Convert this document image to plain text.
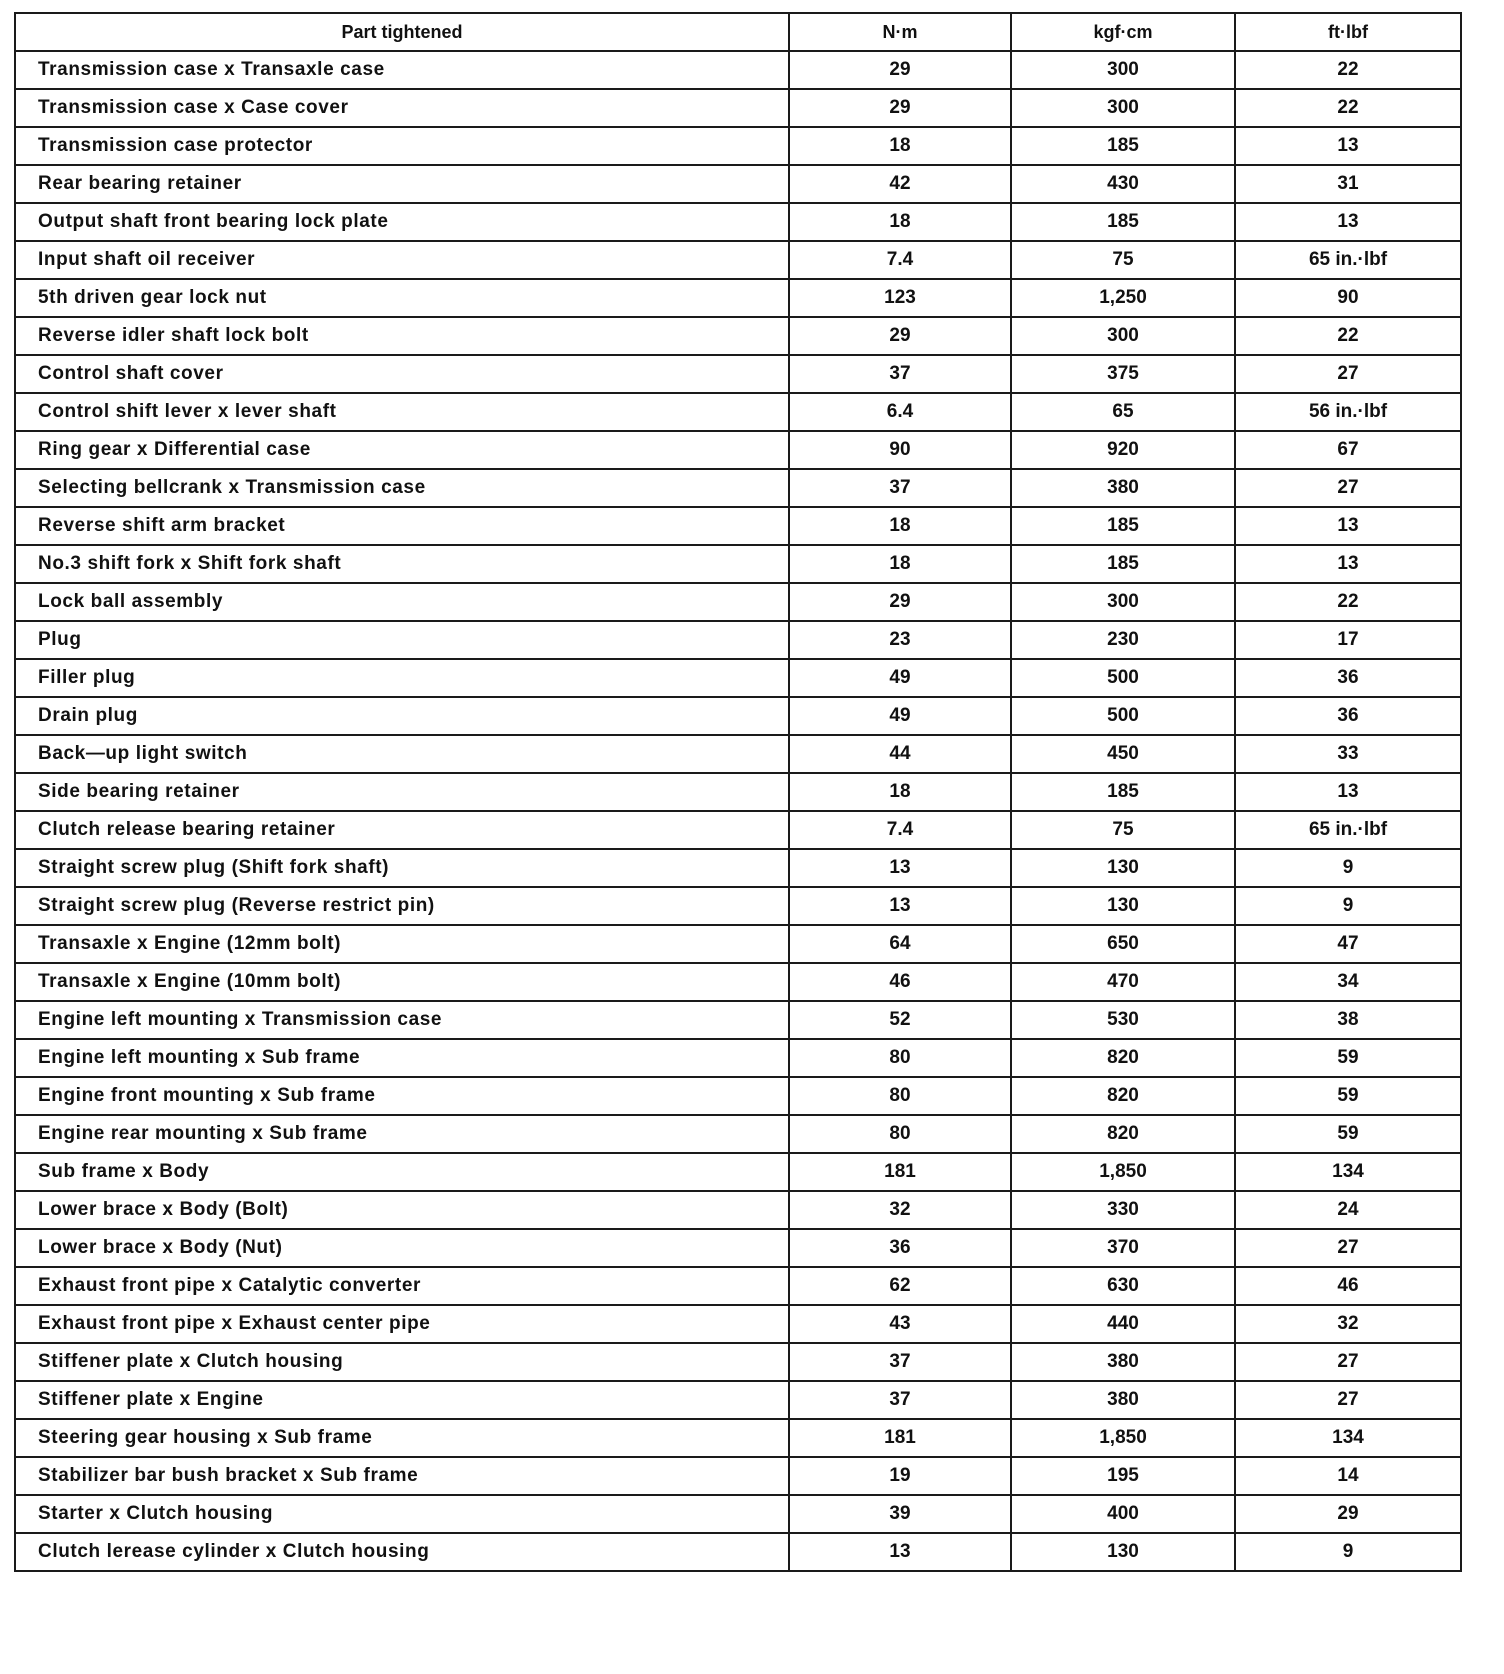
Part tightened	N·m	kgf·cm	ft·lbf
Transmission case x Transaxle case	29	300	22
Transmission case x Case cover	29	300	22
Transmission case protector	18	185	13
Rear bearing retainer	42	430	31
Output shaft front bearing lock plate	18	185	13
Input shaft oil receiver	7.4	75	65 in.·lbf
5th driven gear lock nut	123	1,250	90
Reverse idler shaft lock bolt	29	300	22
Control shaft cover	37	375	27
Control shift lever x lever shaft	6.4	65	56 in.·lbf
Ring gear x Differential case	90	920	67
Selecting bellcrank x Transmission case	37	380	27
Reverse shift arm bracket	18	185	13
No.3 shift fork x Shift fork shaft	18	185	13
Lock ball assembly	29	300	22
Plug	23	230	17
Filler plug	49	500	36
Drain plug	49	500	36
Back—up light switch	44	450	33
Side bearing retainer	18	185	13
Clutch release bearing retainer	7.4	75	65 in.·lbf
Straight screw plug (Shift fork shaft)	13	130	9
Straight screw plug (Reverse restrict pin)	13	130	9
Transaxle x Engine (12mm bolt)	64	650	47
Transaxle x Engine (10mm bolt)	46	470	34
Engine left mounting x Transmission case	52	530	38
Engine left mounting x Sub frame	80	820	59
Engine front mounting x Sub frame	80	820	59
Engine rear mounting x Sub frame	80	820	59
Sub frame x Body	181	1,850	134
Lower brace x Body (Bolt)	32	330	24
Lower brace x Body (Nut)	36	370	27
Exhaust front pipe x Catalytic converter	62	630	46
Exhaust front pipe x Exhaust center pipe	43	440	32
Stiffener plate x Clutch housing	37	380	27
Stiffener plate x Engine	37	380	27
Steering gear housing x Sub frame	181	1,850	134
Stabilizer bar bush bracket x Sub frame	19	195	14
Starter x Clutch housing	39	400	29
Clutch lerease cylinder x Clutch housing	13	130	9
